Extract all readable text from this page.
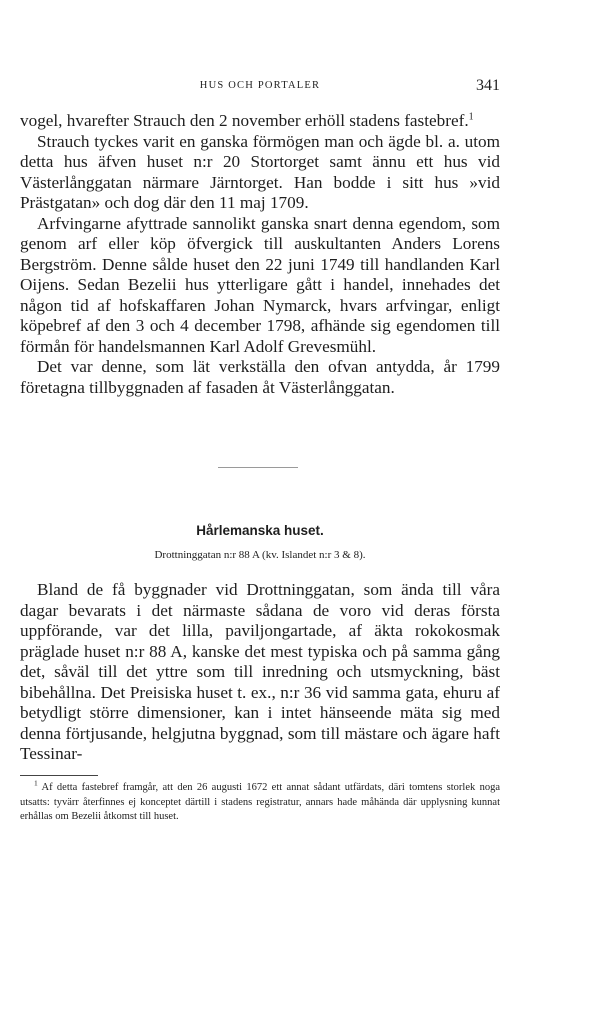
HUS OCH PORTALER	341

vogel, hvarefter Strauch den 2 november erhöll stadens fastebref.$^1$

Strauch tyckes varit en ganska förmögen man och ägde bl. a. utom detta hus äfven huset n:r 20 Stortorget samt ännu ett hus vid Västerlånggatan närmare Järntorget. Han bodde i sitt hus »vid Prästgatan» och dog där den 11 maj 1709.

Arfvingarne afyttrade sannolikt ganska snart denna egendom, som genom arf eller köp öfvergick till auskultanten Anders Lorens Bergström. Denne sålde huset den 22 juni 1749 till handlanden Karl Oijens. Sedan Bezelii hus ytterligare gått i handel, innehades det någon tid af hofskaffaren Johan Nymarck, hvars arfvingar, enligt köpebref af den 3 och 4 december 1798, afhände sig egendomen till förmån för handelsmannen Karl Adolf Grevesmühl.

Det var denne, som lät verkställa den ofvan antydda, år 1799 företagna tillbyggnaden af fasaden åt Västerlånggatan.

Hårlemanska huset.
Drottninggatan n:r 88 A (kv. Islandet n:r 3 & 8).

Bland de få byggnader vid Drottninggatan, som ända till våra dagar bevarats i det närmaste sådana de voro vid deras första uppförande, var det lilla, paviljongartade, af äkta rokokosmak präglade huset n:r 88 A, kanske det mest typiska och på samma gång det, såväl till det yttre som till inredning och utsmyckning, bäst bibehållna. Det Preisiska huset t. ex., n:r 36 vid samma gata, ehuru af betydligt större dimensioner, kan i intet hänseende mäta sig med denna förtjusande, helgjutna byggnad, som till mästare och ägare haft Tessinar-

$^1$ Af detta fastebref framgår, att den 26 augusti 1672 ett annat sådant utfärdats, däri tomtens storlek noga utsatts: tyvärr återfinnes ej konceptet därtill i stadens registratur, annars hade måhända där upplysning kunnat erhållas om Bezelii åtkomst till huset.
